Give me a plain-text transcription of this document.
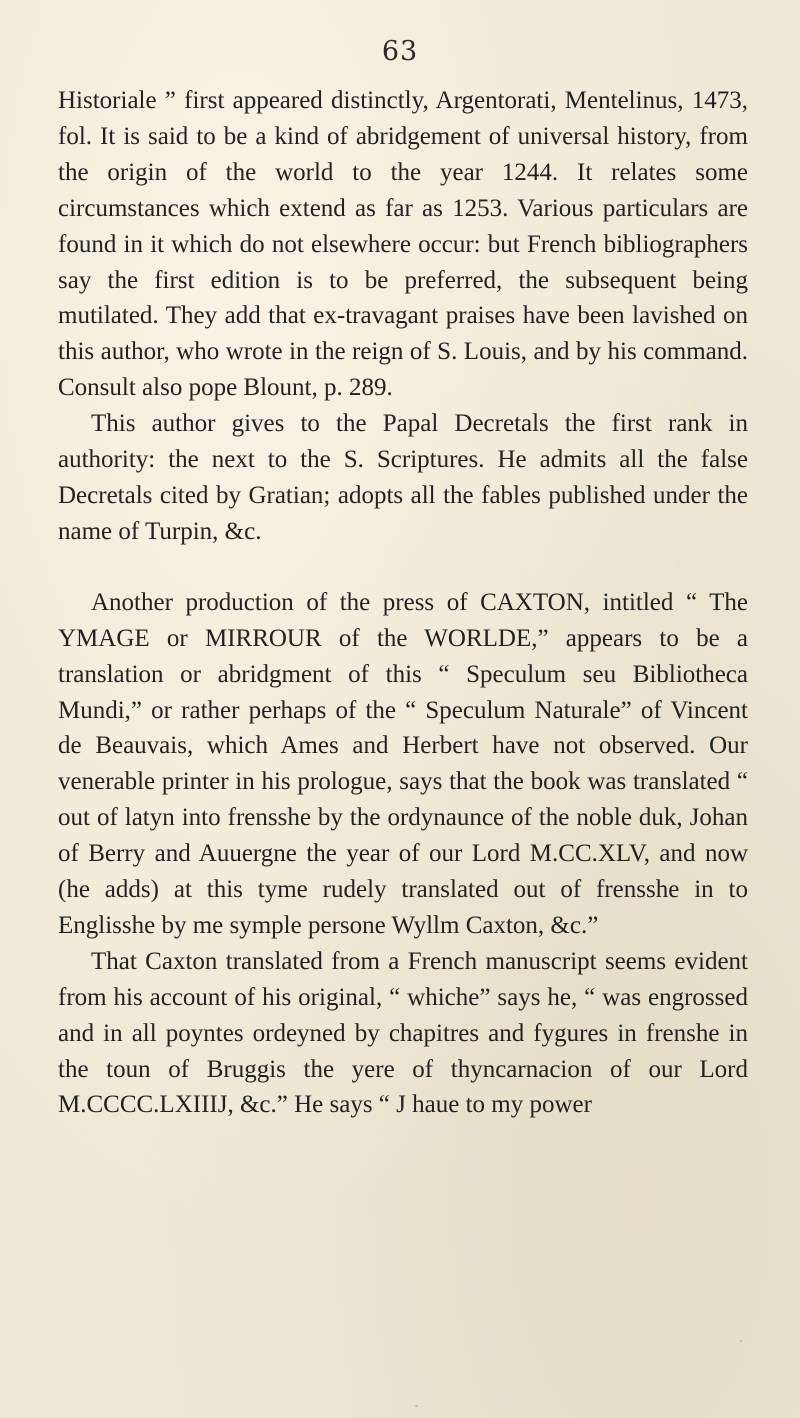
63

Historiale ” first appeared distinctly, Argentorati, Mentelinus, 1473, fol. It is said to be a kind of abridgement of universal history, from the origin of the world to the year 1244. It relates some circumstances which extend as far as 1253. Various particulars are found in it which do not elsewhere occur: but French bibliographers say the first edition is to be preferred, the subsequent being mutilated. They add that ex-travagant praises have been lavished on this author, who wrote in the reign of S. Louis, and by his command. Consult also pope Blount, p. 289.

This author gives to the Papal Decretals the first rank in authority: the next to the S. Scriptures. He admits all the false Decretals cited by Gratian; adopts all the fables published under the name of Turpin, &c.

Another production of the press of CAXTON, intitled “ The YMAGE or MIRROUR of the WORLDE,” appears to be a translation or abridgment of this “ Speculum seu Bibliotheca Mundi,” or rather perhaps of the “ Speculum Naturale” of Vincent de Beauvais, which Ames and Herbert have not observed. Our venerable printer in his prologue, says that the book was translated “ out of latyn into frensshe by the ordynaunce of the noble duk, Johan of Berry and Auuergne the year of our Lord M.CC.XLV, and now (he adds) at this tyme rudely translated out of frensshe in to Englisshe by me symple persone Wyllm Caxton, &c.”

That Caxton translated from a French manuscript seems evident from his account of his original, “ whiche” says he, “ was engrossed and in all poyntes ordeyned by chapitres and fygures in frenshe in the toun of Bruggis the yere of thyncarnacion of our Lord M.CCCC.LXIIIJ, &c.” He says “ J haue to my power
